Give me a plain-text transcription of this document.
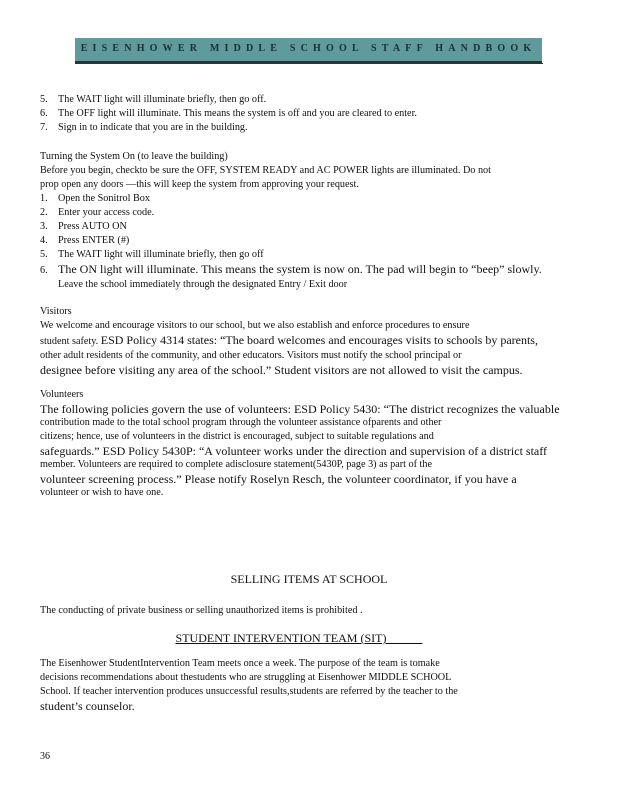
EISENHOWER MIDDLE SCHOOL STAFF HANDBOOK
5. The WAIT light will illuminate briefly, then go off.
6. The OFF light will illuminate. This means the system is off and you are cleared to enter.
7. Sign in to indicate that you are in the building.
Turning the System On (to leave the building)
Before you begin, checkto be sure the OFF, SYSTEM READY and AC POWER lights are illuminated. Do not
prop open any doors —this will keep the system from approving your request.
1. Open the Sonitrol Box
2. Enter your access code.
3. Press AUTO ON
4. Press ENTER (#)
5. The WAIT light will illuminate briefly, then go off
6. The ON light will illuminate. This means the system is now on. The pad will begin to “beep” slowly.
Leave the school immediately through the designated Entry / Exit door
Visitors
We welcome and encourage visitors to our school, but we also establish and enforce procedures to ensure
student safety. ESD Policy 4314 states: “The board welcomes and encourages visits to schools by parents,
other adult residents of the community, and other educators. Visitors must notify the school principal or
designee before visiting any area of the school.” Student visitors are not allowed to visit the campus.
Volunteers
The following policies govern the use of volunteers: ESD Policy 5430: “The district recognizes the valuable
contribution made to the total school program through the volunteer assistance ofparents and other
citizens; hence, use of volunteers in the district is encouraged, subject to suitable regulations and
safeguards.” ESD Policy 5430P: “A volunteer works under the direction and supervision of a district staff
member. Volunteers are required to complete adisclosure statement(5430P, page 3) as part of the
volunteer screening process.” Please notify Roselyn Resch, the volunteer coordinator, if you have a
volunteer or wish to have one.
SELLING ITEMS AT SCHOOL
The conducting of private business or selling unauthorized items is prohibited .
STUDENT INTERVENTION TEAM (SIT)
The Eisenhower StudentIntervention Team meets once a week. The purpose of the team is tomake
decisions recommendations about thestudents who are struggling at Eisenhower MIDDLE SCHOOL
School. If teacher intervention produces unsuccessful results,students are referred by the teacher to the
student’s counselor.
36
